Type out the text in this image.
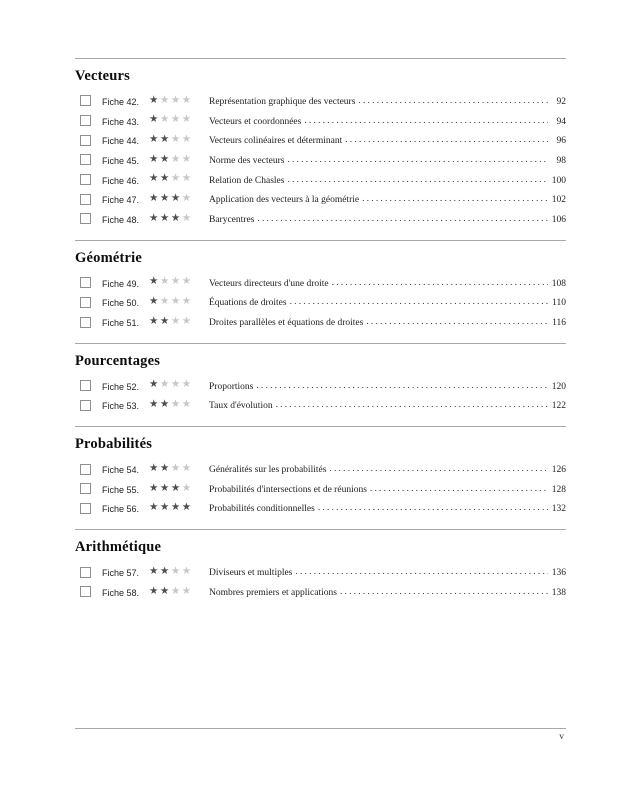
Vecteurs
Fiche 42. ★★★★	Représentation graphique des vecteurs .....	92
Fiche 43. ★★★★	Vecteurs et coordonnées .....	94
Fiche 44. ★★★★	Vecteurs colinéaires et déterminant .....	96
Fiche 45. ★★★★	Norme des vecteurs .....	98
Fiche 46. ★★★★	Relation de Chasles .....	100
Fiche 47. ★★★★	Application des vecteurs à la géométrie .....	102
Fiche 48. ★★★★	Barycentres .....	106
Géométrie
Fiche 49. ★★★★	Vecteurs directeurs d'une droite .....	108
Fiche 50. ★★★★	Équations de droites .....	110
Fiche 51. ★★★★	Droites parallèles et équations de droites .....	116
Pourcentages
Fiche 52. ★★★★	Proportions .....	120
Fiche 53. ★★★★	Taux d'évolution .....	122
Probabilités
Fiche 54. ★★★★	Généralités sur les probabilités .....	126
Fiche 55. ★★★★	Probabilités d'intersections et de réunions .....	128
Fiche 56. ★★★★	Probabilités conditionnelles .....	132
Arithmétique
Fiche 57. ★★★★	Diviseurs et multiples .....	136
Fiche 58. ★★★★	Nombres premiers et applications .....	138
v
